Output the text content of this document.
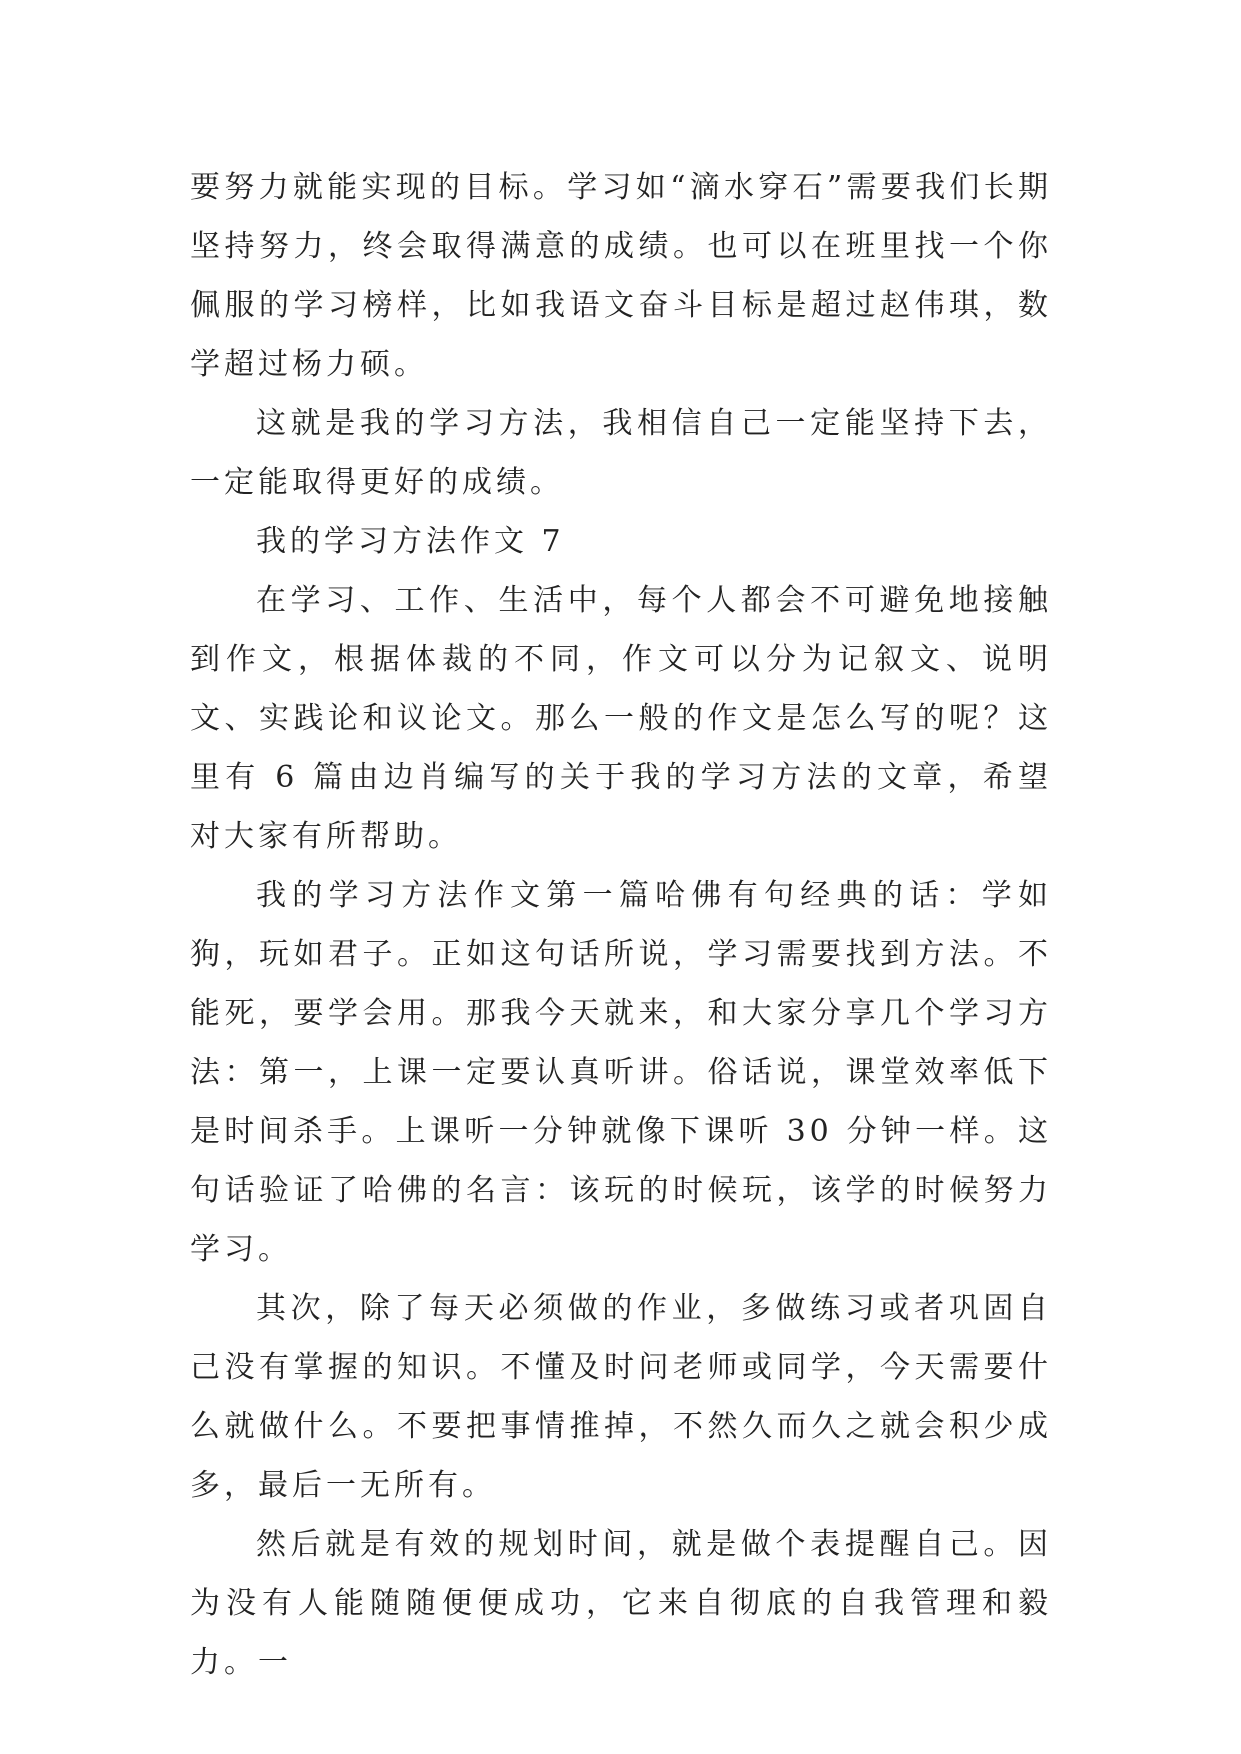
要努力就能实现的目标。学习如“滴水穿石”需要我们长期坚持努力，终会取得满意的成绩。也可以在班里找一个你佩服的学习榜样，比如我语文奋斗目标是超过赵伟琪，数学超过杨力硕。

这就是我的学习方法，我相信自己一定能坚持下去，一定能取得更好的成绩。

我的学习方法作文 7

在学习、工作、生活中，每个人都会不可避免地接触到作文，根据体裁的不同，作文可以分为记叙文、说明文、实践论和议论文。那么一般的作文是怎么写的呢？这里有 6 篇由边肖编写的关于我的学习方法的文章，希望对大家有所帮助。

我的学习方法作文第一篇哈佛有句经典的话：学如狗，玩如君子。正如这句话所说，学习需要找到方法。不能死，要学会用。那我今天就来，和大家分享几个学习方法：第一，上课一定要认真听讲。俗话说，课堂效率低下是时间杀手。上课听一分钟就像下课听 30 分钟一样。这句话验证了哈佛的名言：该玩的时候玩，该学的时候努力学习。

其次，除了每天必须做的作业，多做练习或者巩固自己没有掌握的知识。不懂及时问老师或同学，今天需要什么就做什么。不要把事情推掉，不然久而久之就会积少成多，最后一无所有。

然后就是有效的规划时间，就是做个表提醒自己。因为没有人能随随便便成功，它来自彻底的自我管理和毅力。一
